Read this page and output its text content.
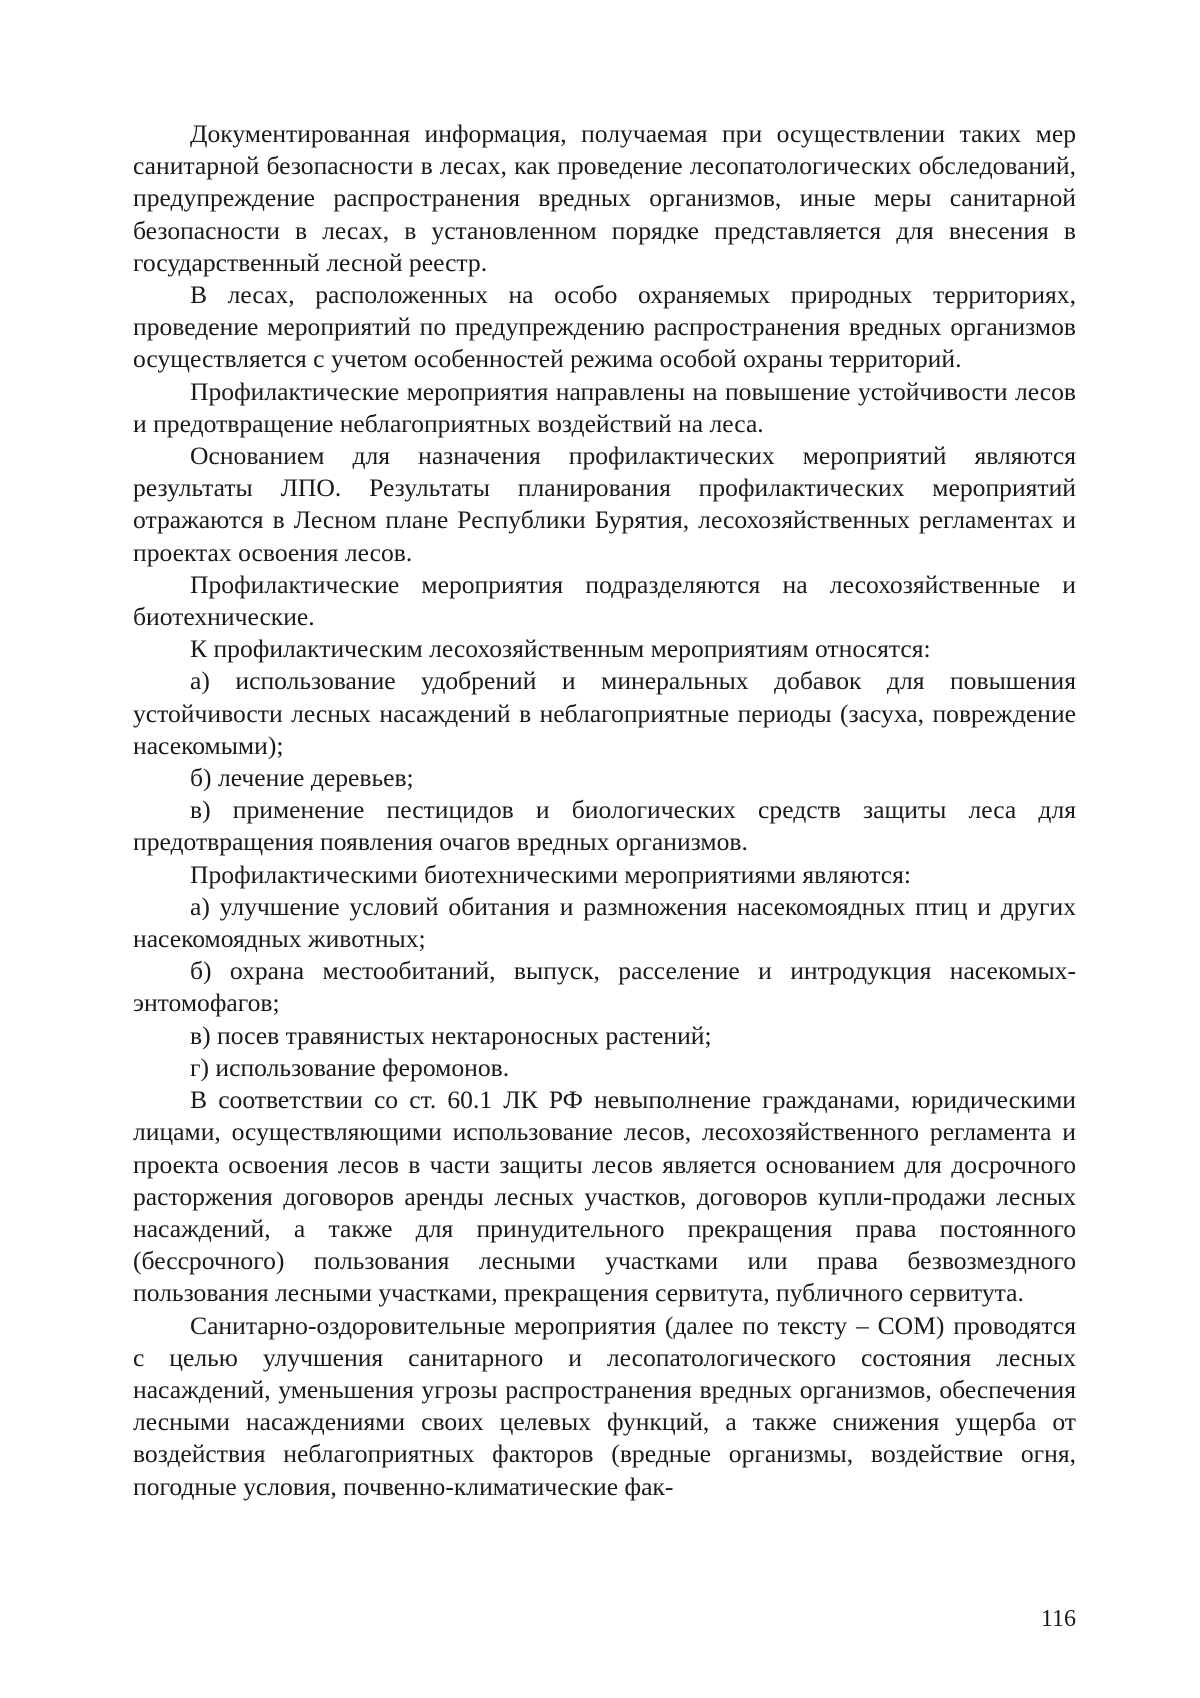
Документированная информация, получаемая при осуществлении таких мер санитарной безопасности в лесах, как проведение лесопатологических обследований, предупреждение распространения вредных организмов, иные меры санитарной безопасности в лесах, в установленном порядке представляется для внесения в государственный лесной реестр.

В лесах, расположенных на особо охраняемых природных территориях, проведение мероприятий по предупреждению распространения вредных организмов осуществляется с учетом особенностей режима особой охраны территорий.

Профилактические мероприятия направлены на повышение устойчивости лесов и предотвращение неблагоприятных воздействий на леса.

Основанием для назначения профилактических мероприятий являются результаты ЛПО. Результаты планирования профилактических мероприятий отражаются в Лесном плане Республики Бурятия, лесохозяйственных регламентах и проектах освоения лесов.

Профилактические мероприятия подразделяются на лесохозяйственные и биотехнические.

К профилактическим лесохозяйственным мероприятиям относятся:

а) использование удобрений и минеральных добавок для повышения устойчивости лесных насаждений в неблагоприятные периоды (засуха, повреждение насекомыми);

б) лечение деревьев;

в) применение пестицидов и биологических средств защиты леса для предотвращения появления очагов вредных организмов.

Профилактическими биотехническими мероприятиями являются:

а) улучшение условий обитания и размножения насекомоядных птиц и других насекомоядных животных;

б) охрана местообитаний, выпуск, расселение и интродукция насекомых-энтомофагов;

в) посев травянистых нектароносных растений;

г) использование феромонов.

В соответствии со ст. 60.1 ЛК РФ невыполнение гражданами, юридическими лицами, осуществляющими использование лесов, лесохозяйственного регламента и проекта освоения лесов в части защиты лесов является основанием для досрочного расторжения договоров аренды лесных участков, договоров купли-продажи лесных насаждений, а также для принудительного прекращения права постоянного (бессрочного) пользования лесными участками или права безвозмездного пользования лесными участками, прекращения сервитута, публичного сервитута.

Санитарно-оздоровительные мероприятия (далее по тексту – СОМ) проводятся с целью улучшения санитарного и лесопатологического состояния лесных насаждений, уменьшения угрозы распространения вредных организмов, обеспечения лесными насаждениями своих целевых функций, а также снижения ущерба от воздействия неблагоприятных факторов (вредные организмы, воздействие огня, погодные условия, почвенно-климатические фак-

116
